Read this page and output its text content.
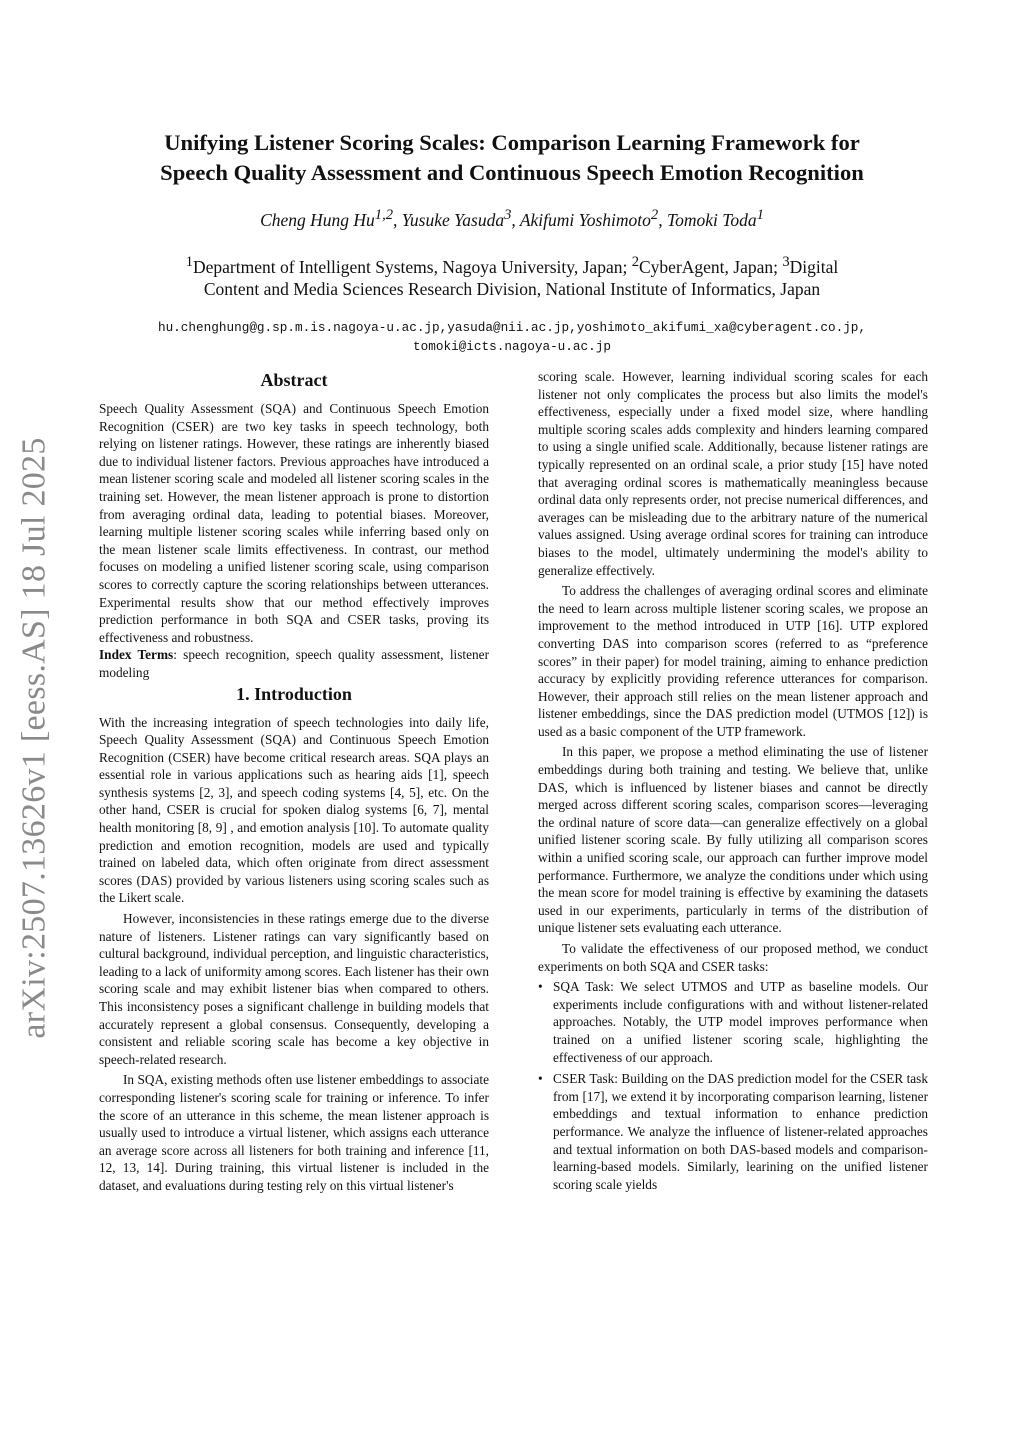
arXiv:2507.13626v1 [eess.AS] 18 Jul 2025
Unifying Listener Scoring Scales: Comparison Learning Framework for
Speech Quality Assessment and Continuous Speech Emotion Recognition

Cheng Hung Hu$^{1,2}$, Yusuke Yasuda$^3$, Akifumi Yoshimoto$^2$, Tomoki Toda$^1$

$^1$Department of Intelligent Systems, Nagoya University, Japan; $^2$CyberAgent, Japan; $^3$Digital
Content and Media Sciences Research Division, National Institute of Informatics, Japan

hu.chenghung@g.sp.m.is.nagoya-u.ac.jp,yasuda@nii.ac.jp,yoshimoto_akifumi_xa@cyberagent.co.jp,
tomoki@icts.nagoya-u.ac.jp

Abstract

Speech Quality Assessment (SQA) and Continuous Speech Emotion Recognition (CSER) are two key tasks in speech technology, both relying on listener ratings. However, these ratings are inherently biased due to individual listener factors. Previous approaches have introduced a mean listener scoring scale and modeled all listener scoring scales in the training set. However, the mean listener approach is prone to distortion from averaging ordinal data, leading to potential biases. Moreover, learning multiple listener scoring scales while inferring based only on the mean listener scale limits effectiveness. In contrast, our method focuses on modeling a unified listener scoring scale, using comparison scores to correctly capture the scoring relationships between utterances. Experimental results show that our method effectively improves prediction performance in both SQA and CSER tasks, proving its effectiveness and robustness.

Index Terms: speech recognition, speech quality assessment, listener modeling

1. Introduction

With the increasing integration of speech technologies into daily life, Speech Quality Assessment (SQA) and Continuous Speech Emotion Recognition (CSER) have become critical research areas. SQA plays an essential role in various applications such as hearing aids [1], speech synthesis systems [2, 3], and speech coding systems [4, 5], etc. On the other hand, CSER is crucial for spoken dialog systems [6, 7], mental health monitoring [8, 9] , and emotion analysis [10]. To automate quality prediction and emotion recognition, models are used and typically trained on labeled data, which often originate from direct assessment scores (DAS) provided by various listeners using scoring scales such as the Likert scale.

However, inconsistencies in these ratings emerge due to the diverse nature of listeners. Listener ratings can vary significantly based on cultural background, individual perception, and linguistic characteristics, leading to a lack of uniformity among scores. Each listener has their own scoring scale and may exhibit listener bias when compared to others. This inconsistency poses a significant challenge in building models that accurately represent a global consensus. Consequently, developing a consistent and reliable scoring scale has become a key objective in speech-related research.

In SQA, existing methods often use listener embeddings to associate corresponding listener's scoring scale for training or inference. To infer the score of an utterance in this scheme, the mean listener approach is usually used to introduce a virtual listener, which assigns each utterance an average score across all listeners for both training and inference [11, 12, 13, 14]. During training, this virtual listener is included in the dataset, and evaluations during testing rely on this virtual listener's

scoring scale. However, learning individual scoring scales for each listener not only complicates the process but also limits the model's effectiveness, especially under a fixed model size, where handling multiple scoring scales adds complexity and hinders learning compared to using a single unified scale. Additionally, because listener ratings are typically represented on an ordinal scale, a prior study [15] have noted that averaging ordinal scores is mathematically meaningless because ordinal data only represents order, not precise numerical differences, and averages can be misleading due to the arbitrary nature of the numerical values assigned. Using average ordinal scores for training can introduce biases to the model, ultimately undermining the model's ability to generalize effectively.

To address the challenges of averaging ordinal scores and eliminate the need to learn across multiple listener scoring scales, we propose an improvement to the method introduced in UTP [16]. UTP explored converting DAS into comparison scores (referred to as “preference scores” in their paper) for model training, aiming to enhance prediction accuracy by explicitly providing reference utterances for comparison. However, their approach still relies on the mean listener approach and listener embeddings, since the DAS prediction model (UTMOS [12]) is used as a basic component of the UTP framework.

In this paper, we propose a method eliminating the use of listener embeddings during both training and testing. We believe that, unlike DAS, which is influenced by listener biases and cannot be directly merged across different scoring scales, comparison scores—leveraging the ordinal nature of score data—can generalize effectively on a global unified listener scoring scale. By fully utilizing all comparison scores within a unified scoring scale, our approach can further improve model performance. Furthermore, we analyze the conditions under which using the mean score for model training is effective by examining the datasets used in our experiments, particularly in terms of the distribution of unique listener sets evaluating each utterance.

To validate the effectiveness of our proposed method, we conduct experiments on both SQA and CSER tasks:

• SQA Task: We select UTMOS and UTP as baseline models. Our experiments include configurations with and without listener-related approaches. Notably, the UTP model improves performance when trained on a unified listener scoring scale, highlighting the effectiveness of our approach.

• CSER Task: Building on the DAS prediction model for the CSER task from [17], we extend it by incorporating comparison learning, listener embeddings and textual information to enhance prediction performance. We analyze the influence of listener-related approaches and textual information on both DAS-based models and comparison-learning-based models. Similarly, learining on the unified listener scoring scale yields
